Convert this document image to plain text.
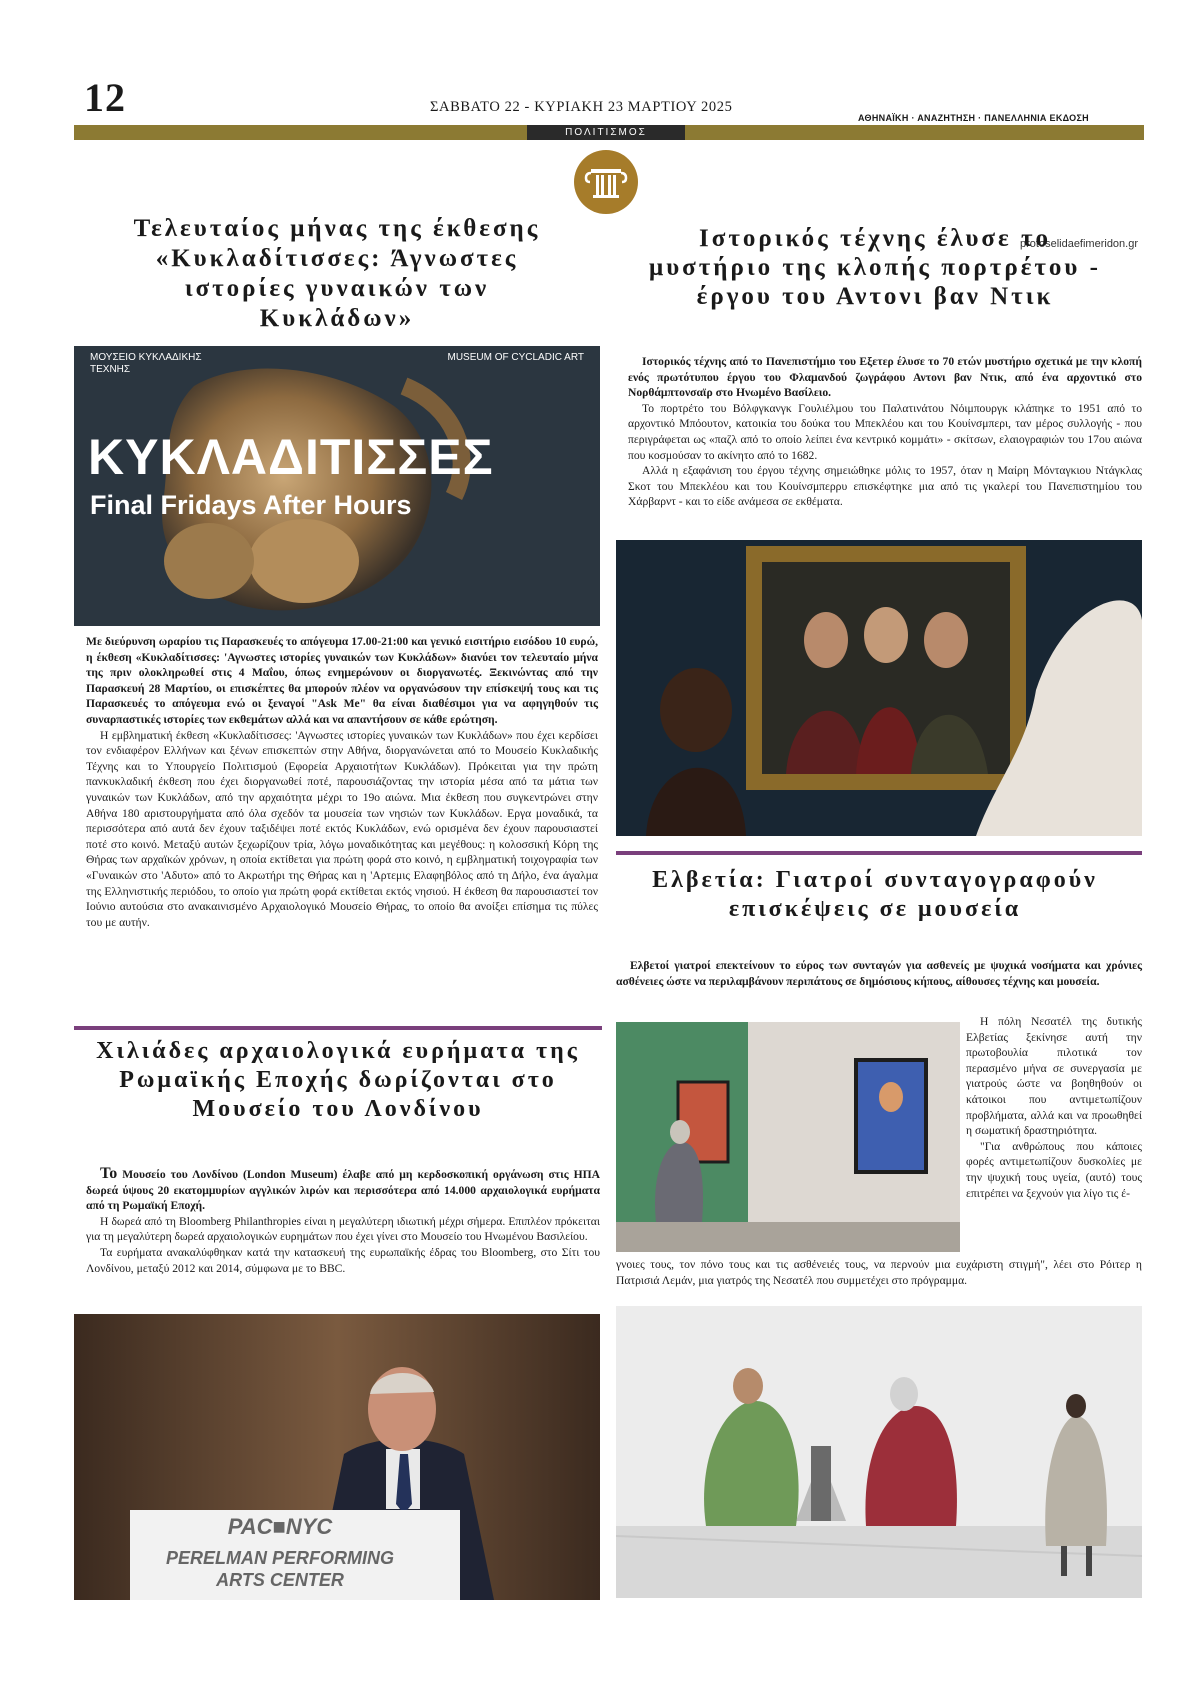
12	ΣΑΒΒΑΤΟ 22 - ΚΥΡΙΑΚΗ 23 ΜΑΡΤΙΟΥ 2025
ΑΘΗΝΑΪΚΗ · ΑΝΑΖΗΤΗΣΗ · ΠΑΝΕΛΛΗΝΙΑ ΕΚΔΟΣΗ
ΠΟΛΙΤΙΣΜΟΣ
protoselidaefimeridon.gr
Τελευταίος μήνας της έκθεσης «Κυκλαδίτισσες: Άγνωστες ιστορίες γυναικών των Κυκλάδων»
ΜΟΥΣΕΙΟ ΚΥΚΛΑΔΙΚΗΣ ΤΕΧΝΗΣ
MUSEUM OF CYCLADIC ART
ΚΥΚΛΑΔΙΤΙΣΣΕΣ
Final Fridays After Hours

Με διεύρυνση ωραρίου τις Παρασκευές το απόγευμα 17.00-21:00 και γενικό εισιτήριο εισόδου 10 ευρώ, η έκθεση «Κυκλαδίτισσες: 'Αγνωστες ιστορίες γυναικών των Κυκλάδων» διανύει τον τελευταίο μήνα της πριν ολοκληρωθεί στις 4 Μαΐου, όπως ενημερώνουν οι διοργανωτές. Ξεκινώντας από την Παρασκευή 28 Μαρτίου, οι επισκέπτες θα μπορούν πλέον να οργανώσουν την επίσκεψή τους και τις Παρασκευές το απόγευμα ενώ οι ξεναγοί "Ask Me" θα είναι διαθέσιμοι για να αφηγηθούν τις συναρπαστικές ιστορίες των εκθεμάτων αλλά και να απαντήσουν σε κάθε ερώτηση.

Η εμβληματική έκθεση «Κυκλαδίτισσες: 'Αγνωστες ιστορίες γυναικών των Κυκλάδων» που έχει κερδίσει τον ενδιαφέρον Ελλήνων και ξένων επισκεπτών στην Αθήνα, διοργανώνεται από το Μουσείο Κυκλαδικής Τέχνης και το Υπουργείο Πολιτισμού (Εφορεία Αρχαιοτήτων Κυκλάδων). Πρόκειται για την πρώτη πανκυκλαδική έκθεση που έχει διοργανωθεί ποτέ, παρουσιάζοντας την ιστορία μέσα από τα μάτια των γυναικών των Κυκλάδων, από την αρχαιότητα μέχρι το 19ο αιώνα. Μια έκθεση που συγκεντρώνει στην Αθήνα 180 αριστουργήματα από όλα σχεδόν τα μουσεία των νησιών των Κυκλάδων. Εργα μοναδικά, τα περισσότερα από αυτά δεν έχουν ταξιδέψει ποτέ εκτός Κυκλάδων, ενώ ορισμένα δεν έχουν παρουσιαστεί ποτέ στο κοινό. Μεταξύ αυτών ξεχωρίζουν τρία, λόγω μοναδικότητας και μεγέθους: η κολοσσική Κόρη της Θήρας των αρχαϊκών χρόνων, η οποία εκτίθεται για πρώτη φορά στο κοινό, η εμβληματική τοιχογραφία των «Γυναικών στο 'Αδυτο» από το Ακρωτήρι της Θήρας και η 'Αρτεμις Ελαφηβόλος από τη Δήλο, ένα άγαλμα της Ελληνιστικής περιόδου, το οποίο για πρώτη φορά εκτίθεται εκτός νησιού. Η έκθεση θα παρουσιαστεί τον Ιούνιο αυτούσια στο ανακαινισμένο Αρχαιολογικό Μουσείο Θήρας, το οποίο θα ανοίξει επίσημα τις πύλες του με αυτήν.

Χιλιάδες αρχαιολογικά ευρήματα της Ρωμαϊκής Εποχής δωρίζονται στο Μουσείο του Λονδίνου

Το Μουσείο του Λονδίνου (London Museum) έλαβε από μη κερδοσκοπική οργάνωση στις ΗΠΑ δωρεά ύψους 20 εκατομμυρίων αγγλικών λιρών και περισσότερα από 14.000 αρχαιολογικά ευρήματα από τη Ρωμαϊκή Εποχή.

Η δωρεά από τη Bloomberg Philanthropies είναι η μεγαλύτερη ιδιωτική μέχρι σήμερα. Επιπλέον πρόκειται για τη μεγαλύτερη δωρεά αρχαιολογικών ευρημάτων που έχει γίνει στο Μουσείο του Ηνωμένου Βασιλείου.

Τα ευρήματα ανακαλύφθηκαν κατά την κατασκευή της ευρωπαϊκής έδρας του Bloomberg, στο Σίτι του Λονδίνου, μεταξύ 2012 και 2014, σύμφωνα με το BBC.

PAC■NYC
PERELMAN PERFORMING
ARTS CENTER
Ιστορικός τέχνης έλυσε το μυστήριο της κλοπής πορτρέτου - έργου του Αντονι βαν Ντικ

Ιστορικός τέχνης από το Πανεπιστήμιο του Εξετερ έλυσε το 70 ετών μυστήριο σχετικά με την κλοπή ενός πρωτότυπου έργου του Φλαμανδού ζωγράφου Αντονι βαν Ντικ, από ένα αρχοντικό στο Νορθάμπτονσαϊρ στο Ηνωμένο Βασίλειο.

Το πορτρέτο του Βόλφγκανγκ Γουλιέλμου του Παλατινάτου Νόιμπουργκ κλάπηκε το 1951 από το αρχοντικό Μπόουτον, κατοικία του δούκα του Μπεκλέου και του Κουίνσμπερι, ταν μέρος συλλογής - που περιγράφεται ως «παζλ από το οποίο λείπει ένα κεντρικό κομμάτι» - σκίτσων, ελαιογραφιών του 17ου αιώνα που κοσμούσαν το ακίνητο από το 1682.

Αλλά η εξαφάνιση του έργου τέχνης σημειώθηκε μόλις το 1957, όταν η Μαίρη Μόνταγκιου Ντάγκλας Σκοτ του Μπεκλέου και του Κουίνσμπερρυ επισκέφτηκε μια από τις γκαλερί του Πανεπιστημίου του Χάρβαρντ - και το είδε ανάμεσα σε εκθέματα.

Ελβετία: Γιατροί συνταγογραφούν επισκέψεις σε μουσεία

Ελβετοί γιατροί επεκτείνουν το εύρος των συνταγών για ασθενείς με ψυχικά νοσήματα και χρόνιες ασθένειες ώστε να περιλαμβάνουν περιπάτους σε δημόσιους κήπους, αίθουσες τέχνης και μουσεία.

Η πόλη Νεσατέλ της δυτικής Ελβετίας ξεκίνησε αυτή την πρωτοβουλία πιλοτικά τον περασμένο μήνα σε συνεργασία με γιατρούς ώστε να βοηθηθούν οι κάτοικοι που αντιμετωπίζουν προβλήματα, αλλά και να προωθηθεί η σωματική δραστηριότητα.

"Για ανθρώπους που κάποιες φορές αντιμετωπίζουν δυσκολίες με την ψυχική τους υγεία, (αυτό) τους επιτρέπει να ξεχνούν για λίγο τις έ-

γνοιες τους, τον πόνο τους και τις ασθένειές τους, να περνούν μια ευχάριστη στιγμή", λέει στο Ρόιτερ η Πατρισιά Λεμάν, μια γιατρός της Νεσατέλ που συμμετέχει στο πρόγραμμα.
